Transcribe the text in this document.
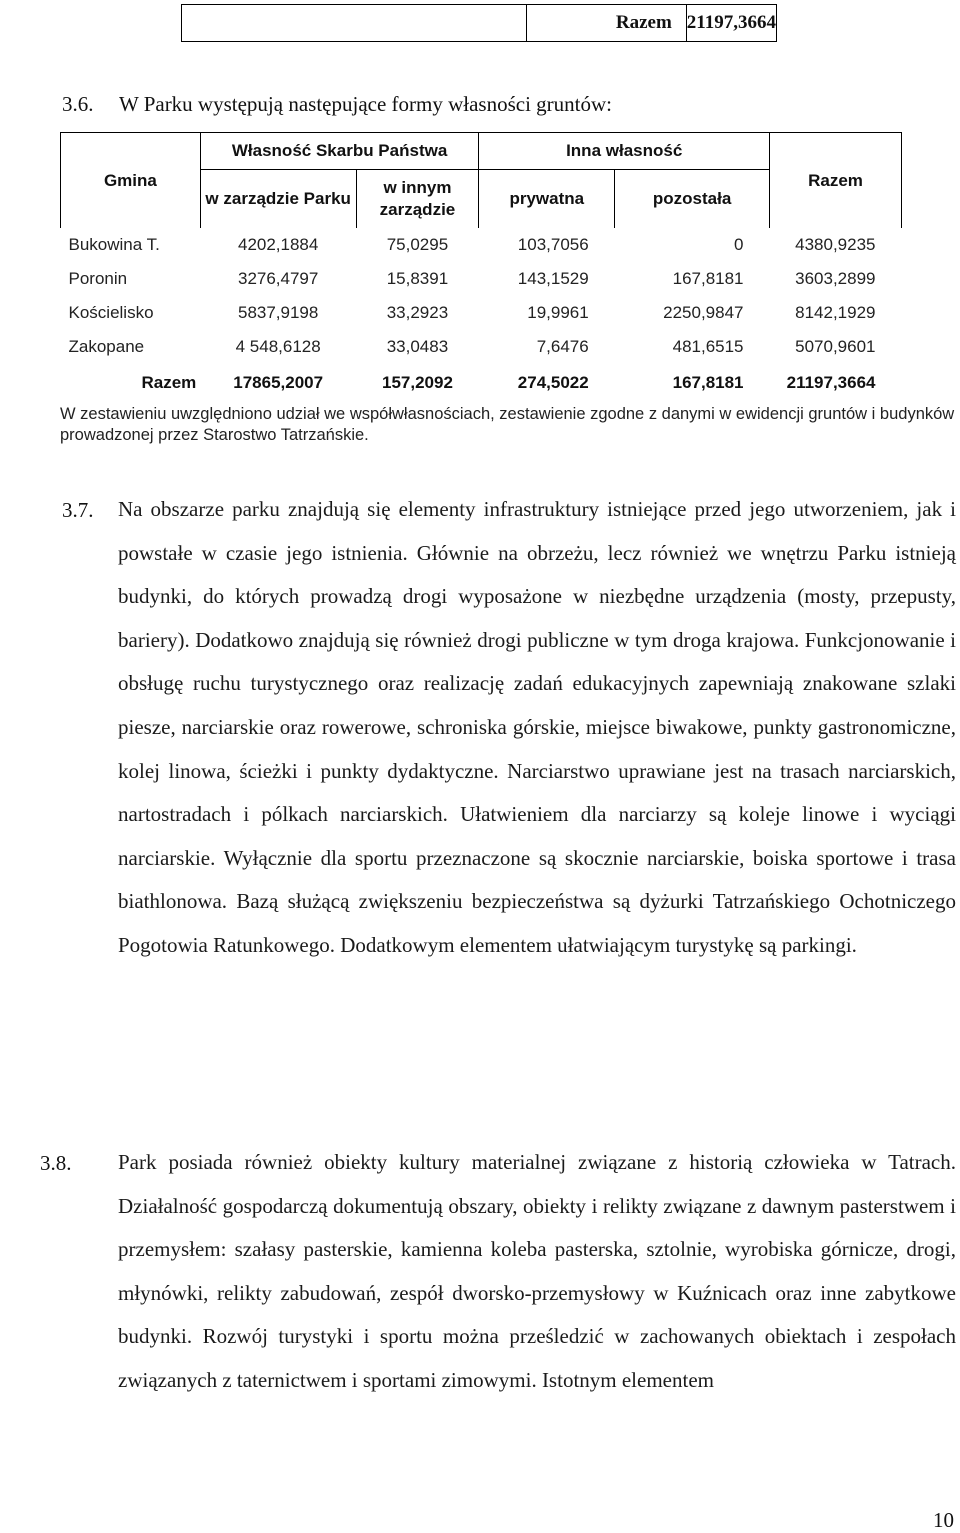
Razem 21197,3664
3.6. W Parku występują następujące formy własności gruntów:
Gmina	Własność Skarbu Państwa		Inna własność		Razem
	w zarządzie Parku	w innym zarządzie	prywatna	pozostała	
Bukowina T.	4202,1884	75,0295	103,7056	0	4380,9235
Poronin	3276,4797	15,8391	143,1529	167,8181	3603,2899
Kościelisko	5837,9198	33,2923	19,9961	2250,9847	8142,1929
Zakopane	4 548,6128	33,0483	7,6476	481,6515	5070,9601
Razem	17865,2007	157,2092	274,5022	167,8181	21197,3664
W zestawieniu uwzględniono udział we współwłasnościach, zestawienie zgodne z danymi w ewidencji gruntów i budynków prowadzonej przez Starostwo Tatrzańskie.
3.7. Na obszarze parku znajdują się elementy infrastruktury istniejące przed jego utworzeniem, jak i powstałe w czasie jego istnienia. Głównie na obrzeżu, lecz również we wnętrzu Parku istnieją budynki, do których prowadzą drogi wyposażone w niezbędne urządzenia (mosty, przepusty, bariery). Dodatkowo znajdują się również drogi publiczne w tym droga krajowa. Funkcjonowanie i obsługę ruchu turystycznego oraz realizację zadań edukacyjnych zapewniają znakowane szlaki piesze, narciarskie oraz rowerowe, schroniska górskie, miejsce biwakowe, punkty gastronomiczne, kolej linowa, ścieżki i punkty dydaktyczne. Narciarstwo uprawiane jest na trasach narciarskich, nartostradach i pólkach narciarskich. Ułatwieniem dla narciarzy są koleje linowe i wyciągi narciarskie. Wyłącznie dla sportu przeznaczone są skocznie narciarskie, boiska sportowe i trasa biathlonowa. Bazą służącą zwiększeniu bezpieczeństwa są dyżurki Tatrzańskiego Ochotniczego Pogotowia Ratunkowego. Dodatkowym elementem ułatwiającym turystykę są parkingi.
3.8. Park posiada również obiekty kultury materialnej związane z historią człowieka w Tatrach. Działalność gospodarczą dokumentują obszary, obiekty i relikty związane z dawnym pasterstwem i przemysłem: szałasy pasterskie, kamienna koleba pasterska, sztolnie, wyrobiska górnicze, drogi, młynówki, relikty zabudowań, zespół dworsko-przemysłowy w Kuźnicach oraz inne zabytkowe budynki. Rozwój turystyki i sportu można prześledzić w zachowanych obiektach i zespołach związanych z taternictwem i sportami zimowymi. Istotnym elementem
10
